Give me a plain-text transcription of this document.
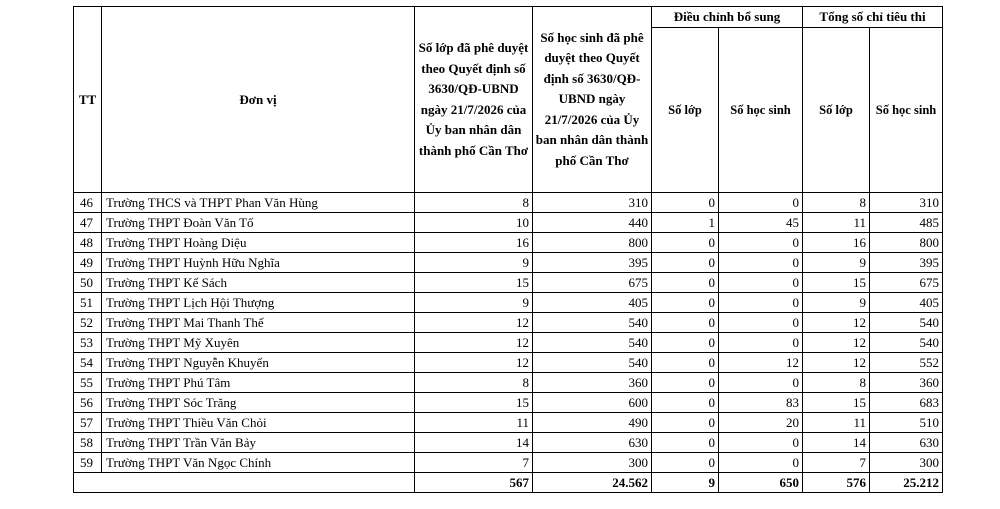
TT	Đơn vị	Số lớp đã phê duyệt theo Quyết định số 3630/QĐ-UBND ngày 21/7/2026 của Ủy ban nhân dân thành phố Cần Thơ	Số học sinh đã phê duyệt theo Quyết định số 3630/QĐ-UBND ngày 21/7/2026 của Ủy ban nhân dân thành phố Cần Thơ	Điều chỉnh bổ sung		Tổng số chỉ tiêu thi	
				Số lớp	Số học sinh	Số lớp	Số học sinh
46	Trường THCS và THPT Phan Văn Hùng	8	310	0	0	8	310
47	Trường THPT Đoàn Văn Tố	10	440	1	45	11	485
48	Trường THPT Hoàng Diệu	16	800	0	0	16	800
49	Trường THPT Huỳnh Hữu Nghĩa	9	395	0	0	9	395
50	Trường THPT Kế Sách	15	675	0	0	15	675
51	Trường THPT Lịch Hội Thượng	9	405	0	0	9	405
52	Trường THPT Mai Thanh Thế	12	540	0	0	12	540
53	Trường THPT Mỹ Xuyên	12	540	0	0	12	540
54	Trường THPT Nguyễn Khuyến	12	540	0	12	12	552
55	Trường THPT Phú Tâm	8	360	0	0	8	360
56	Trường THPT Sóc Trăng	15	600	0	83	15	683
57	Trường THPT Thiều Văn Chỏi	11	490	0	20	11	510
58	Trường THPT Trần Văn Bảy	14	630	0	0	14	630
59	Trường THPT Văn Ngọc Chính	7	300	0	0	7	300
		567	24.562	9	650	576	25.212
